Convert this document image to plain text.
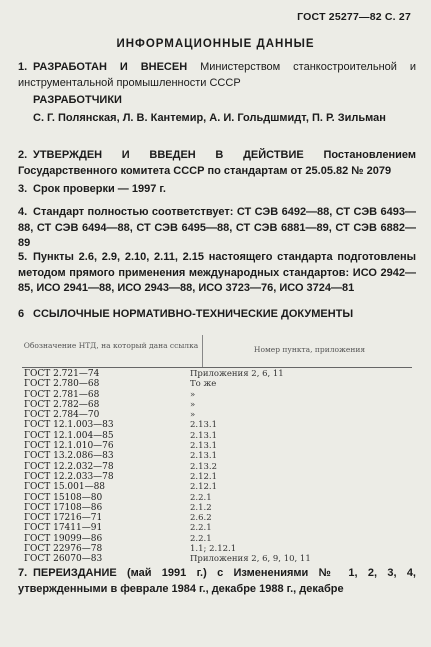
ГОСТ 25277—82 С. 27
ИНФОРМАЦИОННЫЕ ДАННЫЕ
1. РАЗРАБОТАН И ВНЕСЕН Министерством станкостроительной и инструментальной промышленности СССР
РАЗРАБОТЧИКИ
С. Г. Полянская, Л. В. Кантемир, А. И. Гольдшмидт, П. Р. Зильман
2. УТВЕРЖДЕН И ВВЕДЕН В ДЕЙСТВИЕ Постановлением Государственного комитета СССР по стандартам от 25.05.82 № 2079
3. Срок проверки — 1997 г.
4. Стандарт полностью соответствует: СТ СЭВ 6492—88, СТ СЭВ 6493—88, СТ СЭВ 6494—88, СТ СЭВ 6495—88, СТ СЭВ 6881—89, СТ СЭВ 6882—89
5. Пункты 2.6, 2.9, 2.10, 2.11, 2.15 настоящего стандарта подготовлены методом прямого применения международных стандартов: ИСО 2942—85, ИСО 2941—88, ИСО 2943—88, ИСО 3723—76, ИСО 3724—81
6 ССЫЛОЧНЫЕ НОРМАТИВНО-ТЕХНИЧЕСКИЕ ДОКУМЕНТЫ
Обозначение НТД, на который дана ссылка	Номер пункта, приложения
ГОСТ 2.721—74	Приложения 2, 6, 11
ГОСТ 2.780—68	То же
ГОСТ 2.781—68	»
ГОСТ 2.782—68	»
ГОСТ 2.784—70	»
ГОСТ 12.1.003—83	2.13.1
ГОСТ 12.1.004—85	2.13.1
ГОСТ 12.1.010—76	2.13.1
ГОСТ 13.2.086—83	2.13.1
ГОСТ 12.2.032—78	2.13.2
ГОСТ 12.2.033—78	2.12.1
ГОСТ 15.001—88	2.12.1
ГОСТ 15108—80	2.2.1
ГОСТ 17108—86	2.1.2
ГОСТ 17216—71	2.6.2
ГОСТ 17411—91	2.2.1
ГОСТ 19099—86	2.2.1
ГОСТ 22976—78	1.1; 2.12.1
ГОСТ 26070—83	Приложения 2, 6, 9, 10, 11
7. ПЕРЕИЗДАНИЕ (май 1991 г.) с Изменениями № 1, 2, 3, 4, утвержденными в феврале 1984 г., декабре 1988 г., декабре
